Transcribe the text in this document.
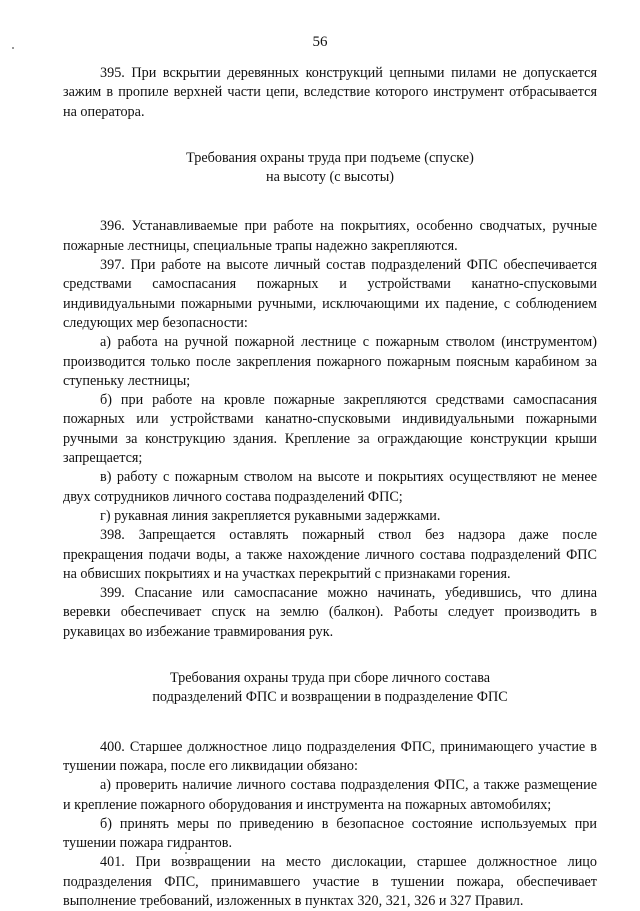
56

395. При вскрытии деревянных конструкций цепными пилами не допускается зажим в пропиле верхней части цепи, вследствие которого инструмент отбрасывается на оператора.

Требования охраны труда при подъеме (спуске)
на высоту (с высоты)

396. Устанавливаемые при работе на покрытиях, особенно сводчатых, ручные пожарные лестницы, специальные трапы надежно закрепляются.

397. При работе на высоте личный состав подразделений ФПС обеспечивается средствами самоспасания пожарных и устройствами канатно-спусковыми индивидуальными пожарными ручными, исключающими их падение, с соблюдением следующих мер безопасности:

а) работа на ручной пожарной лестнице с пожарным стволом (инструментом) производится только после закрепления пожарного пожарным поясным карабином за ступеньку лестницы;

б) при работе на кровле пожарные закрепляются средствами самоспасания пожарных или устройствами канатно-спусковыми индивидуальными пожарными ручными за конструкцию здания. Крепление за ограждающие конструкции крыши запрещается;

в) работу с пожарным стволом на высоте и покрытиях осуществляют не менее двух сотрудников личного состава подразделений ФПС;

г) рукавная линия закрепляется рукавными задержками.

398. Запрещается оставлять пожарный ствол без надзора даже после прекращения подачи воды, а также нахождение личного состава подразделений ФПС на обвисших покрытиях и на участках перекрытий с признаками горения.

399. Спасание или самоспасание можно начинать, убедившись, что длина веревки обеспечивает спуск на землю (балкон). Работы следует производить в рукавицах во избежание травмирования рук.

Требования охраны труда при сборе личного состава
подразделений ФПС и возвращении в подразделение ФПС

400. Старшее должностное лицо подразделения ФПС, принимающего участие в тушении пожара, после его ликвидации обязано:

а) проверить наличие личного состава подразделения ФПС, а также размещение и крепление пожарного оборудования и инструмента на пожарных автомобилях;

б) принять меры по приведению в безопасное состояние используемых при тушении пожара гидрантов.

401. При возвращении на место дислокации, старшее должностное лицо подразделения ФПС, принимавшего участие в тушении пожара, обеспечивает выполнение требований, изложенных в пунктах 320, 321, 326 и 327 Правил.
